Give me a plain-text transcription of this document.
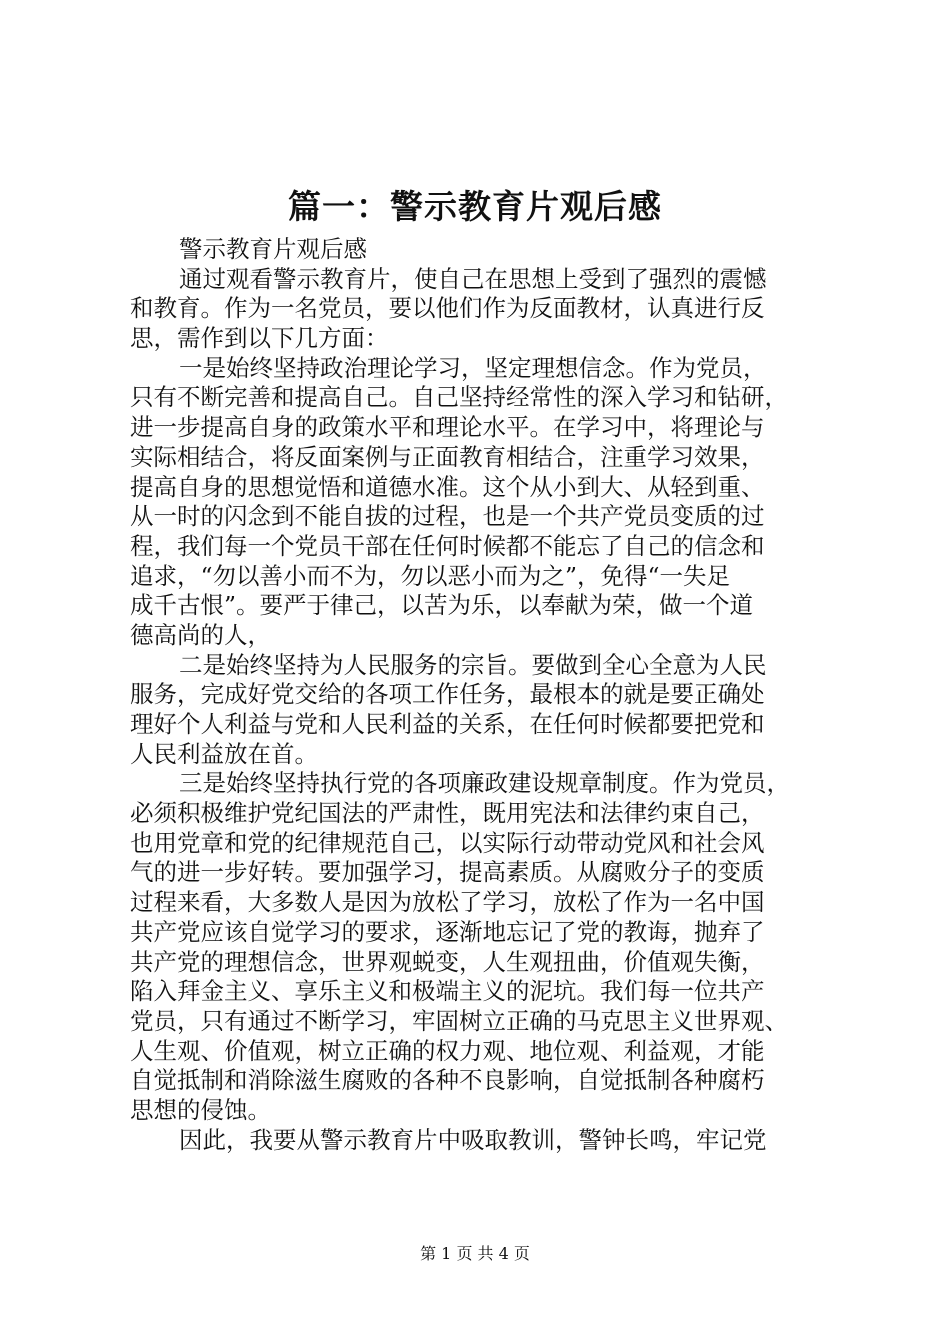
篇一：警示教育片观后感
警示教育片观后感
通过观看警示教育片，使自己在思想上受到了强烈的震憾
和教育。作为一名党员，要以他们作为反面教材，认真进行反
思，需作到以下几方面：
一是始终坚持政治理论学习，坚定理想信念。作为党员，
只有不断完善和提高自己。自己坚持经常性的深入学习和钻研，
进一步提高自身的政策水平和理论水平。在学习中，将理论与
实际相结合，将反面案例与正面教育相结合，注重学习效果，
提高自身的思想觉悟和道德水准。这个从小到大、从轻到重、
从一时的闪念到不能自拔的过程，也是一个共产党员变质的过
程，我们每一个党员干部在任何时候都不能忘了自己的信念和
追求，“勿以善小而不为，勿以恶小而为之”，免得“一失足
成千古恨”。要严于律己，以苦为乐，以奉献为荣，做一个道
德高尚的人，
二是始终坚持为人民服务的宗旨。要做到全心全意为人民
服务，完成好党交给的各项工作任务，最根本的就是要正确处
理好个人利益与党和人民利益的关系，在任何时候都要把党和
人民利益放在首。
三是始终坚持执行党的各项廉政建设规章制度。作为党员，
必须积极维护党纪国法的严肃性，既用宪法和法律约束自己，
也用党章和党的纪律规范自己，以实际行动带动党风和社会风
气的进一步好转。要加强学习，提高素质。从腐败分子的变质
过程来看，大多数人是因为放松了学习，放松了作为一名中国
共产党应该自觉学习的要求，逐渐地忘记了党的教诲，抛弃了
共产党的理想信念，世界观蜕变，人生观扭曲，价值观失衡，
陷入拜金主义、享乐主义和极端主义的泥坑。我们每一位共产
党员，只有通过不断学习，牢固树立正确的马克思主义世界观、
人生观、价值观，树立正确的权力观、地位观、利益观，才能
自觉抵制和消除滋生腐败的各种不良影响，自觉抵制各种腐朽
思想的侵蚀。
因此，我要从警示教育片中吸取教训，警钟长鸣，牢记党
第 1 页 共 4 页
